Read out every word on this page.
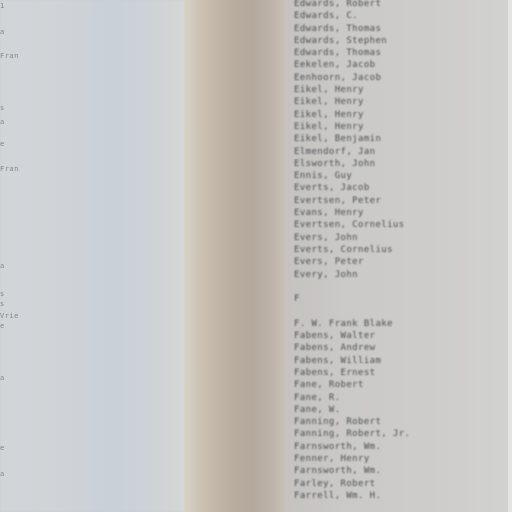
1
a
Fran
s
a
e
Fran
a
s
s
Vrie
e
a
e
a
Edwards, Robert
Edwards, C.
Edwards, Thomas
Edwards, Stephen
Edwards, Thomas
Eekelen, Jacob
Eenhoorn, Jacob
Eikel, Henry
Eikel, Henry
Eikel, Henry
Eikel, Henry
Eikel, Benjamin
Elmendorf, Jan
Elsworth, John
Ennis, Guy
Everts, Jacob
Evertsen, Peter
Evans, Henry
Evertsen, Cornelius
Evers, John
Everts, Cornelius
Evers, Peter
Every, John
F
F. W. Frank Blake
Fabens, Walter
Fabens, Andrew
Fabens, William
Fabens, Ernest
Fane, Robert
Fane, R.
Fane, W.
Fanning, Robert
Fanning, Robert, Jr.
Farnsworth, Wm.
Fenner, Henry
Farnsworth, Wm.
Farley, Robert
Farrell, Wm. H.
